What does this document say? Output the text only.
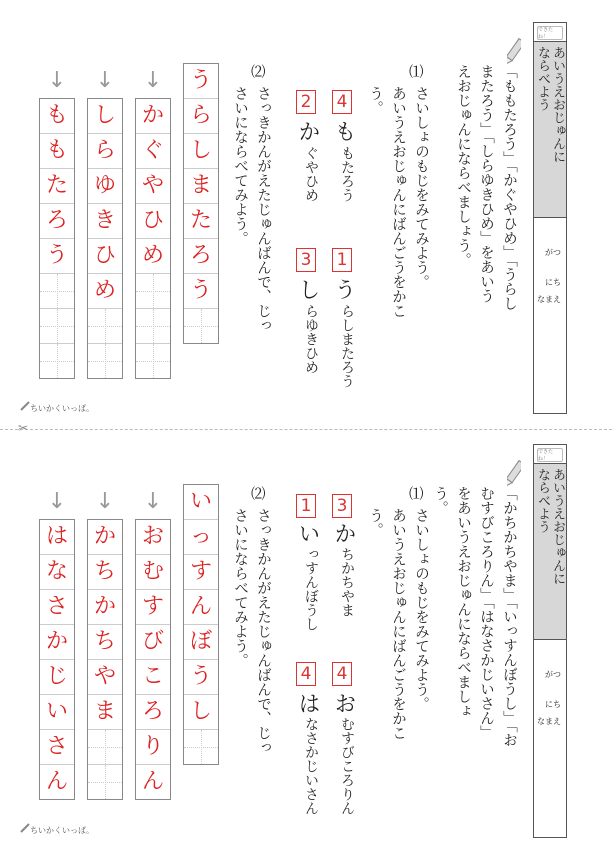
できたね！
あいうえおじゅんに
ならべよう
がつ
にち
なまえ
「ももたろう」「かぐやひめ」「うらし
またろう」「しらゆきひめ」をあいう
えおじゅんにならべましょう。
⑴
さいしょのもじをみてみよう。
あいうえおじゅんにばんごうをかこ
う。
4
も
もたろう
1
う
らしまたろう
2
か
ぐやひめ
3
し
らゆきひめ
⑵
さっきかんがえたじゅんばんで、じっ
さいにならべてみよう。
う
ら
し
ま
た
ろ
う
↓
か
ぐ
や
ひ
め
↓
し
ら
ゆ
き
ひ
め
↓
も
も
た
ろ
う
ちいかくいっぱ。
✂
できたね！
あいうえおじゅんに
ならべよう
がつ
にち
なまえ
「かちかちやま」「いっすんぼうし」「お
むすびころりん」「はなさかじいさん」
をあいうえおじゅんにならべましょ
う。
⑴
さいしょのもじをみてみよう。
あいうえおじゅんにばんごうをかこ
う。
3
か
ちかちやま
4
お
むすびころりん
1
い
っすんぼうし
4
は
なさかじいさん
⑵
さっきかんがえたじゅんばんで、じっ
さいにならべてみよう。
い
っ
す
ん
ぼ
う
し
↓
お
む
す
び
こ
ろ
り
ん
↓
か
ち
か
ち
や
ま
↓
は
な
さ
か
じ
い
さ
ん
ちいかくいっぱ。
